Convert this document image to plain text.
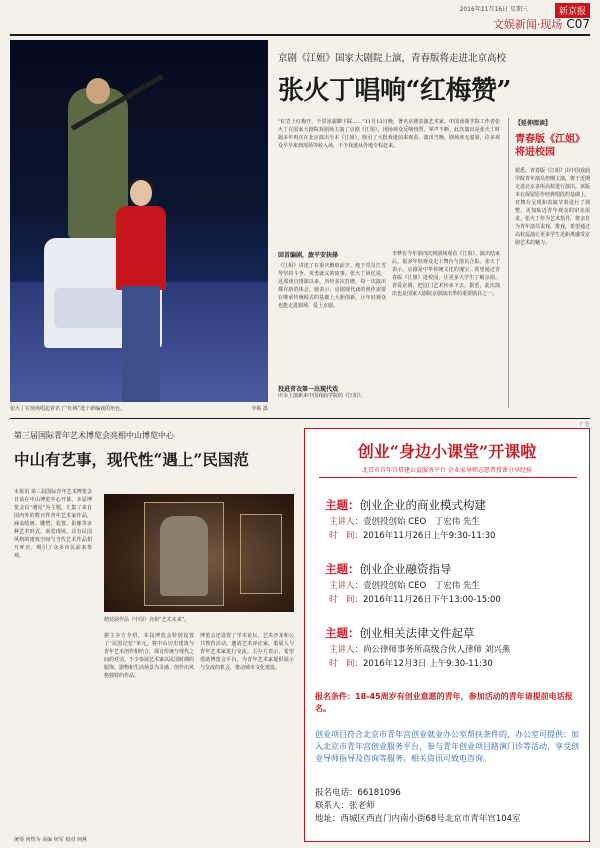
2016年11月16日 星期三	新京报
文娱新闻·现场 C07
张火丁在现场唱起着名了“红梅”选个新编戏的角色。	李栋 摄
京剧《江姐》国家大剧院上演，青春版将走进北京高校
张火丁唱响“红梅赞”
“红岩上红梅开，千里冰霜脚下踩……”11月13日晚，著名京剧表演艺术家、中国戏曲学院工作者张火丁在国家大剧院戏剧场主演了京剧《江姐》，现场观众反响热烈，掌声不断。此次演出是张火丁时隔多年再次在北京演出全本《江姐》，吸引了大批戏迷前来观看。演出当晚，剧场座无虚席，许多观众早早来到现场等候入场，不少戏迷从外地专程赶来。
回首编剧，旅平安抉择
《江姐》讲述了在重庆解放前夕，地下党员江雪琴坚持斗争、英勇就义的故事。张火丁回忆说，这部戏自排演以来，历经多次打磨，每一次演出都有新的体会。她表示，京剧现代戏的创作需要在继承传统程式的基础上大胆创新，让年轻观众也能走进剧场、爱上京剧。
李梦在今年第四次到剧场观看《江姐》。演出结束后，很多年轻观众走上舞台与演员合影。张火丁表示，京剧是中华传统文化的瑰宝，希望通过青春版《江姐》进校园，让更多大学生了解京剧、喜爱京剧，把这门艺术传承下去。据悉，此次演出也是国家大剧院京剧演出季的重要剧目之一。
投进青衣第一出现代戏
庆余上演新来中国戏曲学院的《江姐》，
【延伸阅读】
青春版《江姐》将进校园
据悉，青春版《江姐》由中国戏曲学院青年演员担纲主演，将于近期走进北京多所高校进行演出。该版本在保留原作经典唱段的基础上，对舞台呈现和表演节奏进行了调整，更加贴近青年观众的审美需求。张火丁作为艺术指导，将亲自为青年演员说戏、排戏，希望通过高校巡演让更多学生近距离感受京剧艺术的魅力。
第三届国际青年艺术博览会亮相中山博览中心
中山有艺事，现代性“遇上”民国范
本报讯 第三届国际青年艺术博览会日前在中山博览中心开幕。本届博览会以“遇见”为主题，汇集了来自国内外的数百件青年艺术家作品，涵盖绘画、雕塑、装置、影像等多种艺术形式。展览现场，具有民国风格的建筑空间与当代艺术作品相互呼应，吸引了众多市民前来参观。
精装展作品《中国》亮相“艺术未来”。
据主办方介绍，本届博览会特别设置了“民国记忆”单元，将中山历史建筑与青年艺术创作相结合，探讨传统与现代之间的对话。不少参展艺术家以民国时期的服饰、器物和生活场景为灵感，创作出风格独特的作品。
博览会还设置了学术论坛、艺术沙龙和公共教育活动，邀请艺术评论家、策展人与青年艺术家进行交流。主办方表示，希望借助博览会平台，为青年艺术家提供展示与交流的机会，推动城市文化建设。
统筹 何煜为 美编 何军 校对 何燕
广告
创业“身边小课堂”开课啦
北京市青年宫搭建公益服务平台 企业家导师志愿者授课分享经验
主题：创业企业的商业模式构建
主讲人：壹创投创始 CEO　丁宏伟 先生
时　间：2016年11月26日上午9:30-11:30
主题：创业企业融资指导
主讲人：壹创投创始 CEO　丁宏伟 先生
时　间：2016年11月26日下午13:00-15:00
主题：创业相关法律文件起草
主讲人：尚公律师事务所高级合伙人律师 刘兴燕
时　间：2016年12月3日 上午9:30-11:30
报名条件：18-45周岁有创业意愿的青年，参加活动的青年请提前电话报名。
创业项目符合北京市青年宫创业就业办公室帮扶条件的，办公室可提供：加入北京市青年宫创业服务平台，参与青年创业项目路演门诊等活动，享受创业导师指导及咨询等服务。相关资讯可致电咨询。
报名电话：66181096
联系人：张老师
地址：西城区西直门内南小街68号北京市青年宫104室
